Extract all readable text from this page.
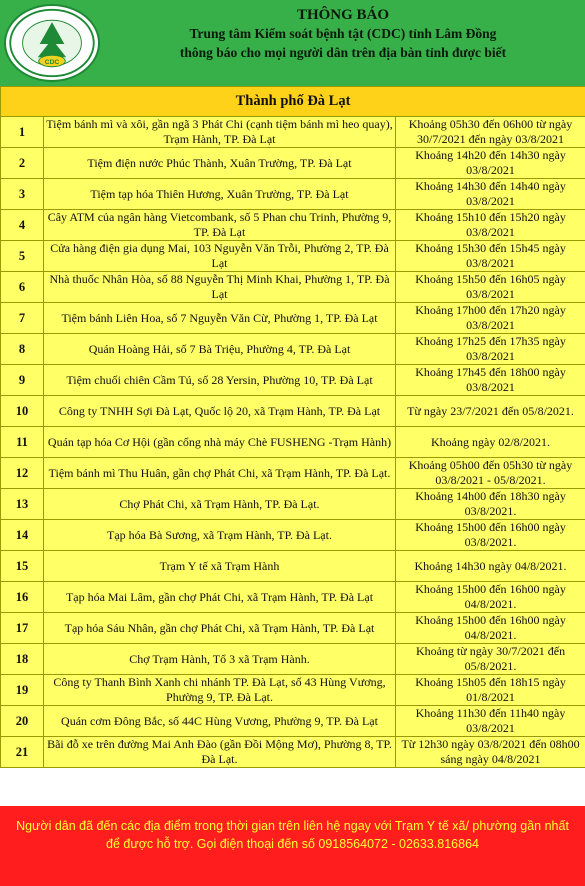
CDC
THÔNG BÁO
Trung tâm Kiểm soát bệnh tật (CDC) tỉnh Lâm Đồng
thông báo cho mọi người dân trên địa bàn tỉnh được biết
Thành phố Đà Lạt		
1	Tiệm bánh mì và xôi, gần ngã 3 Phát Chi (cạnh tiệm bánh mì heo quay), Trạm Hành, TP. Đà Lạt	Khoảng 05h30 đến 06h00 từ ngày 30/7/2021 đến ngày 03/8/2021
2	Tiệm điện nước Phúc Thành, Xuân Trường, TP. Đà Lạt	Khoảng 14h20 đến 14h30 ngày 03/8/2021
3	Tiệm tạp hóa Thiên Hương, Xuân Trường, TP. Đà Lạt	Khoảng 14h30 đến 14h40 ngày 03/8/2021
4	Cây ATM của ngân hàng Vietcombank, số 5 Phan chu Trinh, Phường 9, TP. Đà Lạt	Khoảng 15h10 đến 15h20 ngày 03/8/2021
5	Cửa hàng điện gia dụng Mai, 103 Nguyễn Văn Trỗi, Phường 2, TP. Đà Lạt	Khoảng 15h30 đến 15h45 ngày 03/8/2021
6	Nhà thuốc Nhân Hòa, số 88 Nguyễn Thị Minh Khai, Phường 1, TP. Đà Lạt	Khoảng 15h50 đến 16h05 ngày 03/8/2021
7	Tiệm bánh Liên Hoa, số 7 Nguyễn Văn Cừ, Phường 1, TP. Đà Lạt	Khoảng 17h00 đến 17h20 ngày 03/8/2021
8	Quán Hoàng Hải, số 7 Bà Triệu, Phường 4, TP. Đà Lạt	Khoảng 17h25 đến 17h35 ngày 03/8/2021
9	Tiệm chuối chiên Cầm Tú, số 28 Yersin, Phường 10, TP. Đà Lạt	Khoảng 17h45 đến 18h00 ngày 03/8/2021
10	Công ty TNHH Sợi Đà Lạt, Quốc lộ 20, xã Trạm Hành, TP. Đà Lạt	Từ ngày 23/7/2021 đến 05/8/2021.
11	Quán tạp hóa Cơ Hội (gần cổng nhà máy Chè FUSHENG -Trạm Hành)	Khoảng ngày 02/8/2021.
12	Tiệm bánh mì Thu Huân, gần chợ Phát Chi, xã Trạm Hành, TP. Đà Lạt.	Khoảng 05h00 đến 05h30 từ ngày 03/8/2021 - 05/8/2021.
13	Chợ Phát Chi, xã Trạm Hành, TP. Đà Lạt.	Khoảng 14h00 đến 18h30 ngày 03/8/2021.
14	Tạp hóa Bà Sương, xã Trạm Hành, TP. Đà Lạt.	Khoảng 15h00 đến 16h00 ngày 03/8/2021.
15	Trạm Y tế xã Trạm Hành	Khoảng 14h30 ngày 04/8/2021.
16	Tạp hóa Mai Lâm, gần chợ Phát Chi, xã Trạm Hành, TP. Đà Lạt	Khoảng 15h00 đến 16h00 ngày 04/8/2021.
17	Tạp hóa Sáu Nhân, gần chợ Phát Chi, xã Trạm Hành, TP. Đà Lạt	Khoảng 15h00 đến 16h00 ngày 04/8/2021.
18	Chợ Trạm Hành, Tổ 3 xã Trạm Hành.	Khoảng từ ngày 30/7/2021 đến 05/8/2021.
19	Công ty Thanh Bình Xanh chi nhánh TP. Đà Lạt, số 43 Hùng Vương, Phường 9, TP. Đà Lạt.	Khoảng 15h05 đến 18h15 ngày 01/8/2021
20	Quán cơm Đông Bắc, số 44C Hùng Vương, Phường 9, TP. Đà Lạt	Khoảng 11h30 đến 11h40 ngày 03/8/2021
21	Bãi đỗ xe trên đường Mai Anh Đào (gần Đồi Mộng Mơ), Phường 8, TP. Đà Lạt.	Từ 12h30 ngày 03/8/2021 đến 08h00 sáng ngày 04/8/2021
Người dân đã đến các địa điểm trong thời gian trên liên hệ ngay với Trạm Y tế xã/ phường gần nhất để được hỗ trợ. Gọi điện thoại đến số 0918564072 - 02633.816864
